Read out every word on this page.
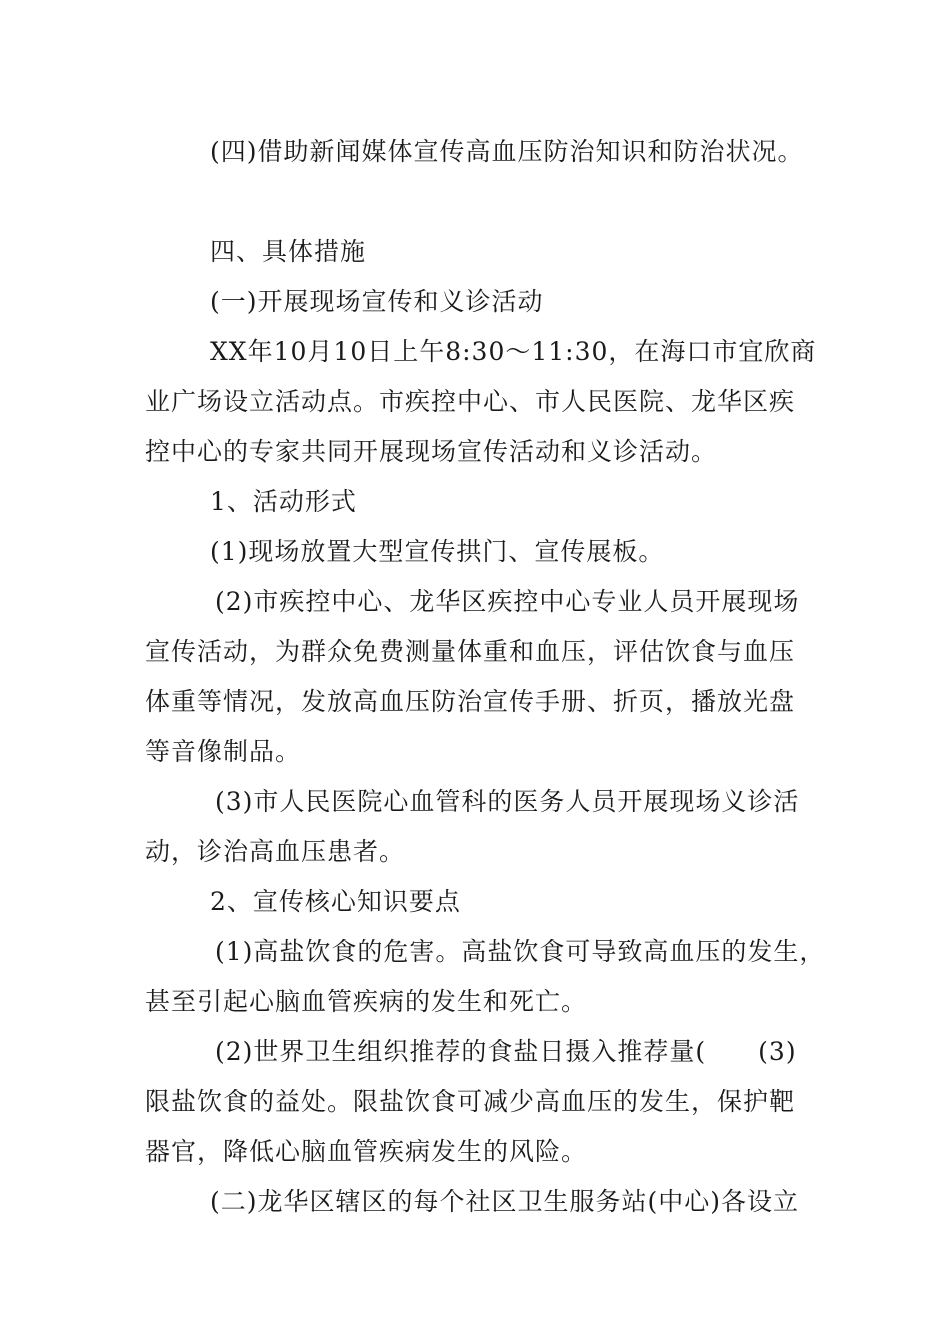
(四)借助新闻媒体宣传高血压防治知识和防治状况。
四、具体措施
(一)开展现场宣传和义诊活动
XX年10月10日上午8:30～11:30，在海口市宜欣商
业广场设立活动点。市疾控中心、市人民医院、龙华区疾
控中心的专家共同开展现场宣传活动和义诊活动。
1、活动形式
(1)现场放置大型宣传拱门、宣传展板。
(2)市疾控中心、龙华区疾控中心专业人员开展现场
宣传活动，为群众免费测量体重和血压，评估饮食与血压
体重等情况，发放高血压防治宣传手册、折页，播放光盘
等音像制品。
(3)市人民医院心血管科的医务人员开展现场义诊活
动，诊治高血压患者。
2、宣传核心知识要点
(1)高盐饮食的危害。高盐饮食可导致高血压的发生，
甚至引起心脑血管疾病的发生和死亡。
(2)世界卫生组织推荐的食盐日摄入推荐量(　　(3)
限盐饮食的益处。限盐饮食可减少高血压的发生，保护靶
器官，降低心脑血管疾病发生的风险。
(二)龙华区辖区的每个社区卫生服务站(中心)各设立
